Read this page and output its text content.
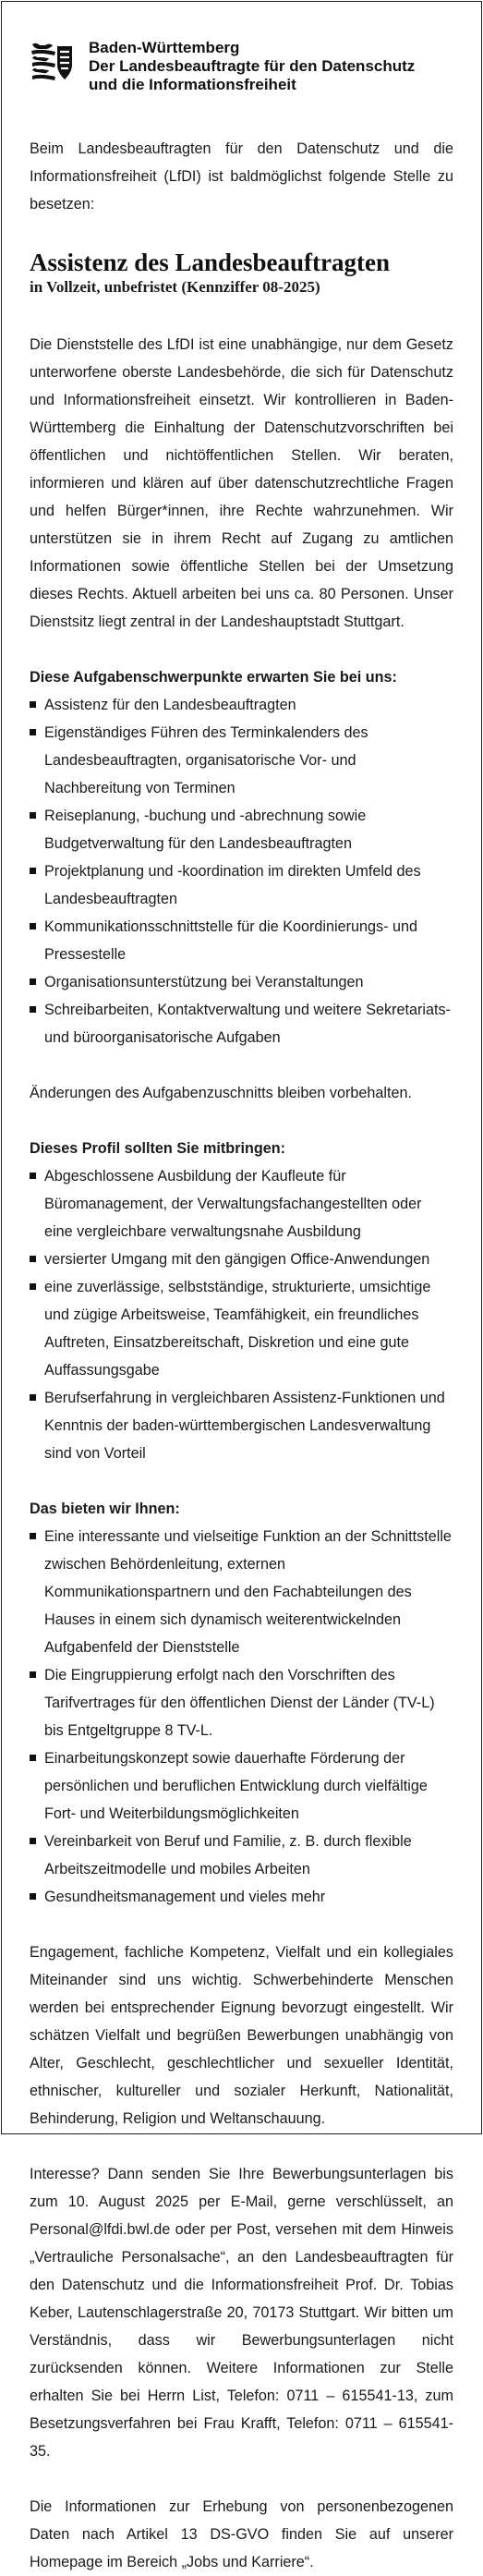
Baden-Württemberg
Der Landesbeauftragte für den Datenschutz
und die Informationsfreiheit

Beim Landesbeauftragten für den Datenschutz und die Informationsfreiheit (LfDI) ist baldmöglichst folgende Stelle zu besetzen:

Assistenz des Landesbeauftragten
in Vollzeit, unbefristet (Kennziffer 08-2025)

Die Dienststelle des LfDI ist eine unabhängige, nur dem Gesetz unterworfene oberste Landesbehörde, die sich für Datenschutz und Informationsfreiheit einsetzt. Wir kontrollieren in Baden-Württemberg die Einhaltung der Datenschutzvorschriften bei öffentlichen und nichtöffentlichen Stellen. Wir beraten, informieren und klären auf über datenschutzrechtliche Fragen und helfen Bürger*innen, ihre Rechte wahrzunehmen. Wir unterstützen sie in ihrem Recht auf Zugang zu amtlichen Informationen sowie öffentliche Stellen bei der Umsetzung dieses Rechts. Aktuell arbeiten bei uns ca. 80 Personen. Unser Dienstsitz liegt zentral in der Landeshauptstadt Stuttgart.

Diese Aufgabenschwerpunkte erwarten Sie bei uns:
Assistenz für den Landesbeauftragten
Eigenständiges Führen des Terminkalenders des Landesbeauftragten, organisatorische Vor- und Nachbereitung von Terminen
Reiseplanung, -buchung und -abrechnung sowie Budgetverwaltung für den Landesbeauftragten
Projektplanung und -koordination im direkten Umfeld des Landesbeauftragten
Kommunikationsschnittstelle für die Koordinierungs- und Pressestelle
Organisationsunterstützung bei Veranstaltungen
Schreibarbeiten, Kontaktverwaltung und weitere Sekretariats- und büroorganisatorische Aufgaben

Änderungen des Aufgabenzuschnitts bleiben vorbehalten.

Dieses Profil sollten Sie mitbringen:
Abgeschlossene Ausbildung der Kaufleute für Büromanagement, der Verwaltungsfachangestellten oder eine vergleichbare verwaltungsnahe Ausbildung
versierter Umgang mit den gängigen Office-Anwendungen
eine zuverlässige, selbstständige, strukturierte, umsichtige und zügige Arbeitsweise, Teamfähigkeit, ein freundliches Auftreten, Einsatzbereitschaft, Diskretion und eine gute Auffassungsgabe
Berufserfahrung in vergleichbaren Assistenz-Funktionen und Kenntnis der baden-württembergischen Landesverwaltung sind von Vorteil
Das bieten wir Ihnen:
Eine interessante und vielseitige Funktion an der Schnittstelle zwischen Behördenleitung, externen Kommunikationspartnern und den Fachabteilungen des Hauses in einem sich dynamisch weiterentwickelnden Aufgabenfeld der Dienststelle
Die Eingruppierung erfolgt nach den Vorschriften des Tarifvertrages für den öffentlichen Dienst der Länder (TV-L) bis Entgeltgruppe 8 TV-L.
Einarbeitungskonzept sowie dauerhafte Förderung der persönlichen und beruflichen Entwicklung durch vielfältige Fort- und Weiterbildungsmöglichkeiten
Vereinbarkeit von Beruf und Familie, z. B. durch flexible Arbeitszeitmodelle und mobiles Arbeiten
Gesundheitsmanagement und vieles mehr

Engagement, fachliche Kompetenz, Vielfalt und ein kollegiales Miteinander sind uns wichtig. Schwerbehinderte Menschen werden bei entsprechender Eignung bevorzugt eingestellt. Wir schätzen Vielfalt und begrüßen Bewerbungen unabhängig von Alter, Geschlecht, geschlechtlicher und sexueller Identität, ethnischer, kultureller und sozialer Herkunft, Nationalität, Behinderung, Religion und Weltanschauung.

Interesse? Dann senden Sie Ihre Bewerbungsunterlagen bis zum 10. August 2025 per E-Mail, gerne verschlüsselt, an Personal@lfdi.bwl.de oder per Post, versehen mit dem Hinweis „Vertrauliche Personalsache“, an den Landesbeauftragten für den Datenschutz und die Informationsfreiheit Prof. Dr. Tobias Keber, Lautenschlagerstraße 20, 70173 Stuttgart. Wir bitten um Verständnis, dass wir Bewerbungsunterlagen nicht zurücksenden können. Weitere Informationen zur Stelle erhalten Sie bei Herrn List, Telefon: 0711 – 615541-13, zum Besetzungsverfahren bei Frau Krafft, Telefon: 0711 – 615541-35.

Die Informationen zur Erhebung von personenbezogenen Daten nach Artikel 13 DS-GVO finden Sie auf unserer Homepage im Bereich „Jobs und Karriere“.
